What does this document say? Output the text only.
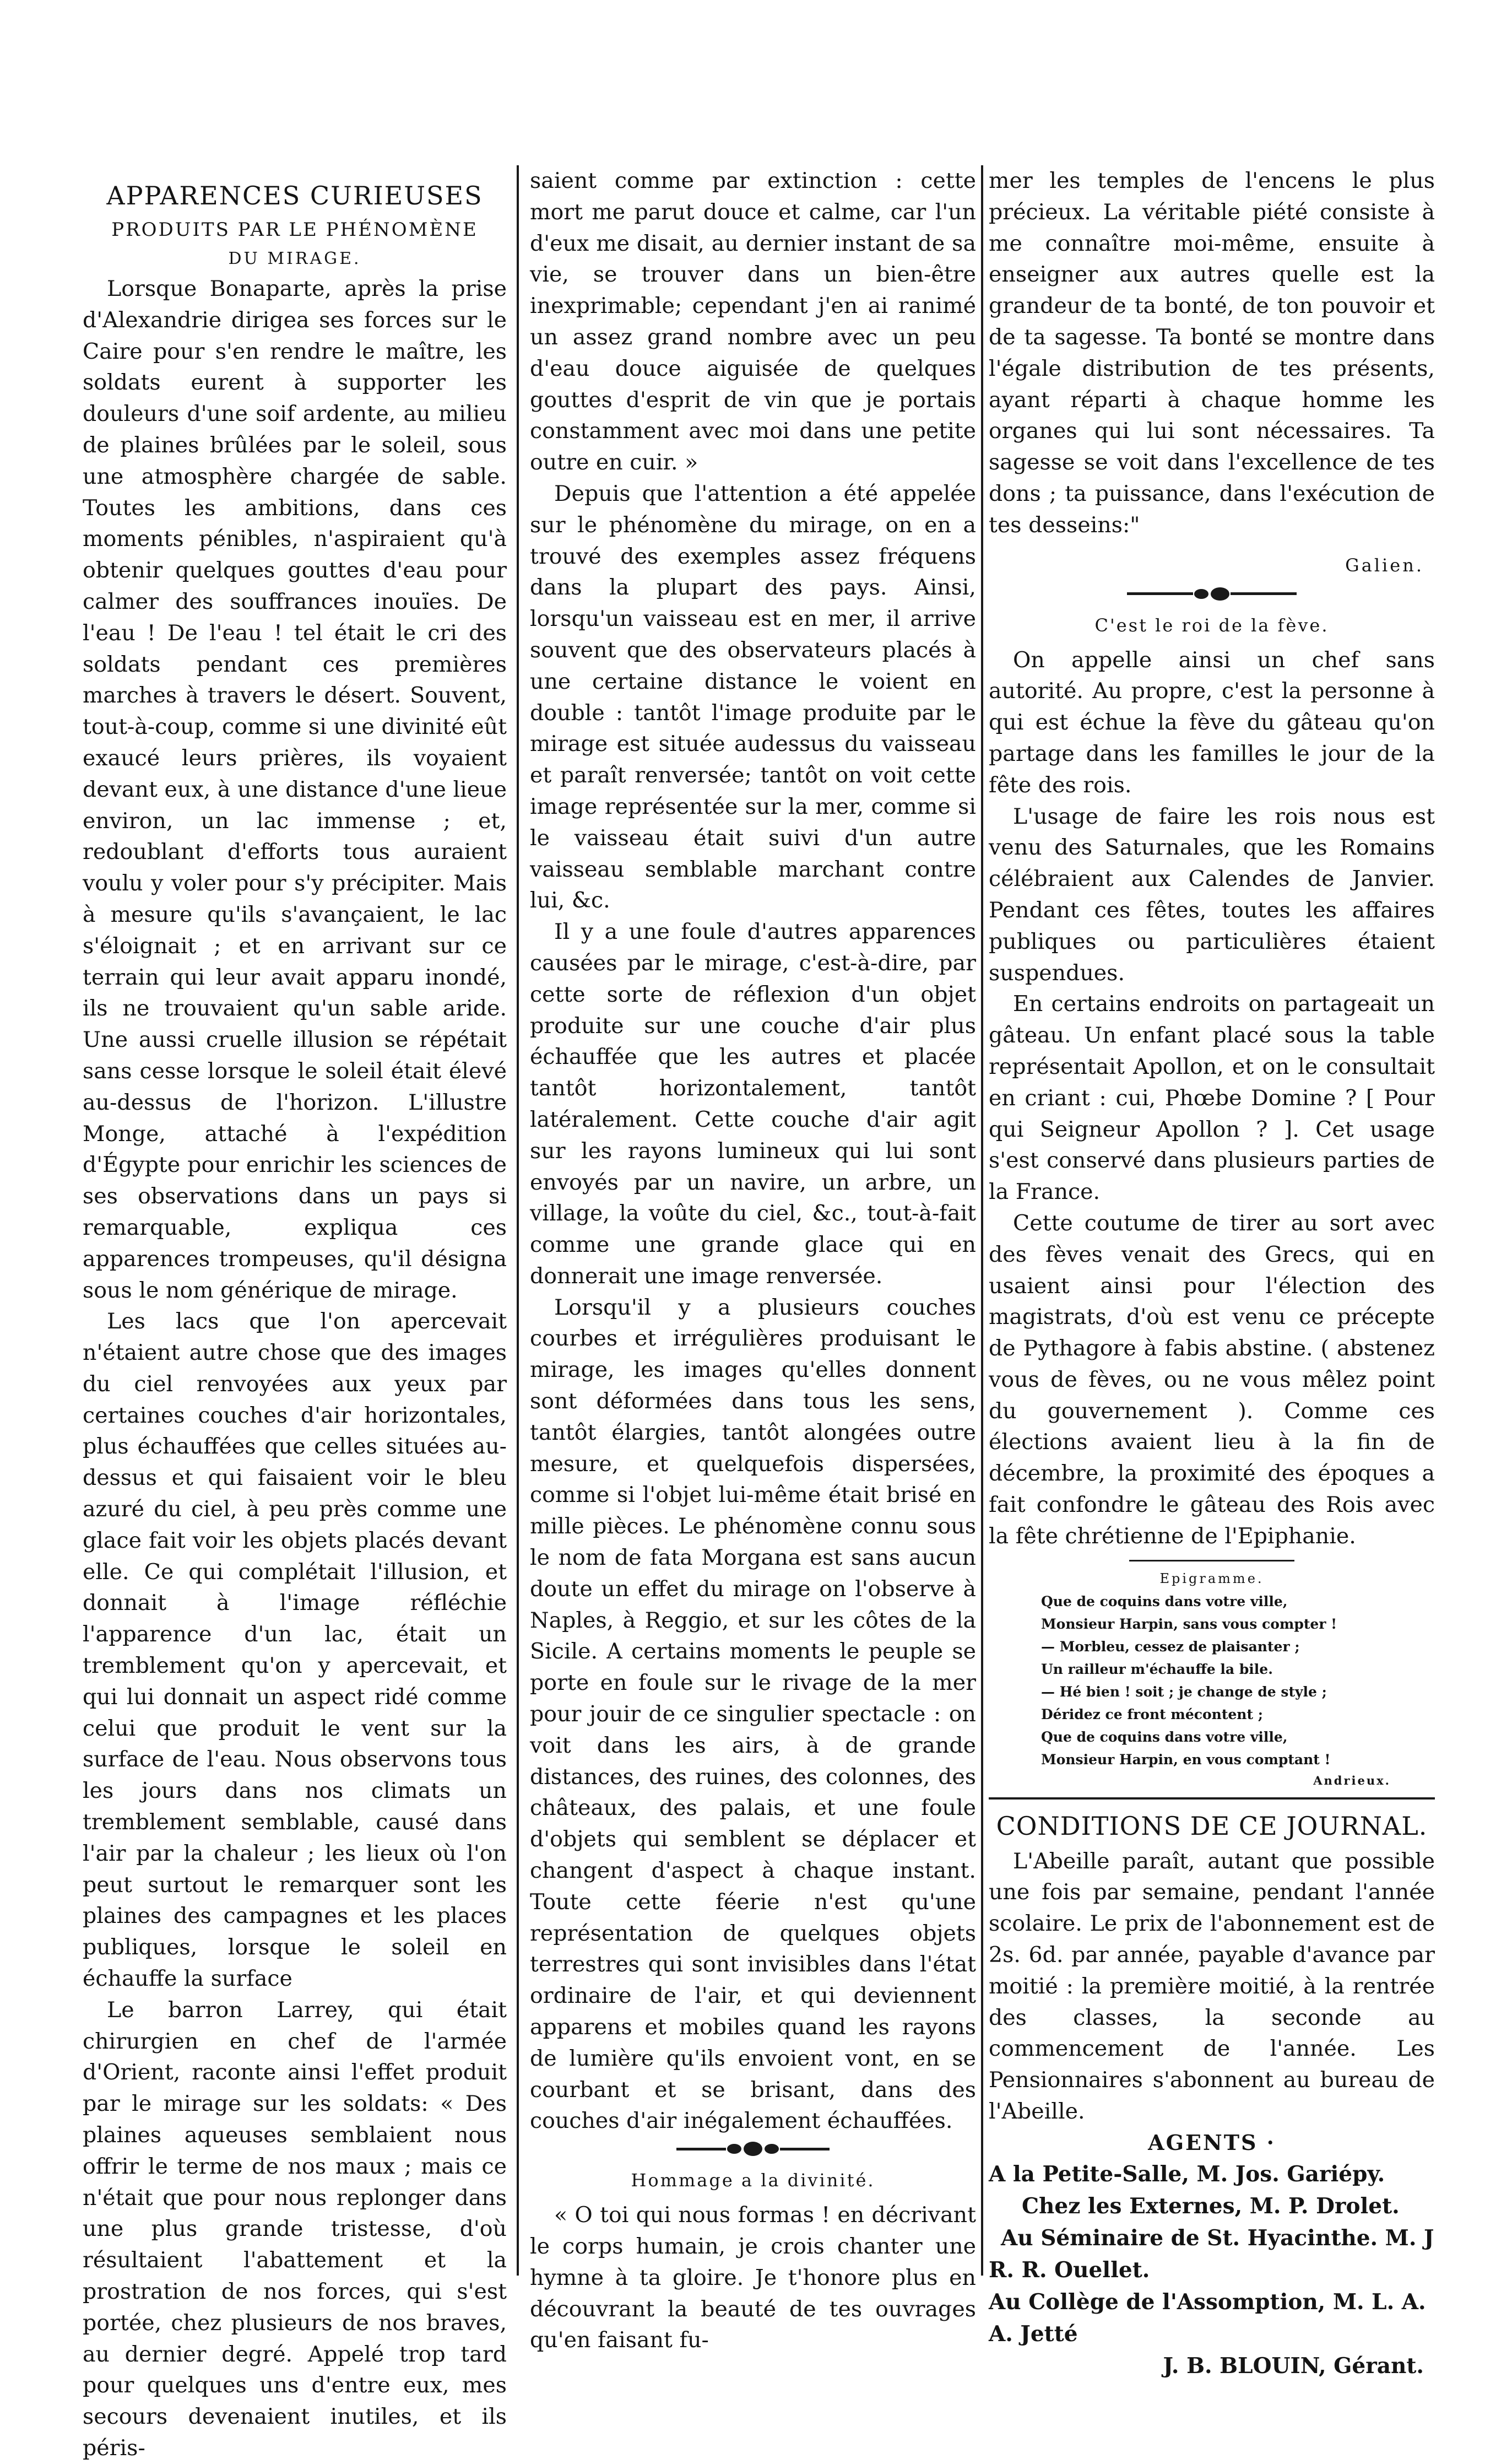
APPARENCES CURIEUSES
PRODUITS PAR LE PHÉNOMÈNE
DU MIRAGE.

Lorsque Bonaparte, après la prise d'Alexandrie dirigea ses forces sur le Caire pour s'en rendre le maître, les soldats eurent à supporter les douleurs d'une soif ardente, au milieu de plaines brûlées par le soleil, sous une atmosphère chargée de sable. Toutes les ambitions, dans ces moments pénibles, n'aspiraient qu'à obtenir quelques gouttes d'eau pour calmer des souffrances inouïes. De l'eau ! De l'eau ! tel était le cri des soldats pendant ces premières marches à travers le désert. Souvent, tout-à-coup, comme si une divinité eût exaucé leurs prières, ils voyaient devant eux, à une distance d'une lieue environ, un lac immense ; et, redoublant d'efforts tous auraient voulu y voler pour s'y précipiter. Mais à mesure qu'ils s'avançaient, le lac s'éloignait ; et en arrivant sur ce terrain qui leur avait apparu inondé, ils ne trouvaient qu'un sable aride. Une aussi cruelle illusion se répétait sans cesse lorsque le soleil était élevé au-dessus de l'horizon. L'illustre Monge, attaché à l'expédition d'Égypte pour enrichir les sciences de ses observations dans un pays si remarquable, expliqua ces apparences trompeuses, qu'il désigna sous le nom générique de mirage.

Les lacs que l'on apercevait n'étaient autre chose que des images du ciel renvoyées aux yeux par certaines couches d'air horizontales, plus échauffées que celles situées au-dessus et qui faisaient voir le bleu azuré du ciel, à peu près comme une glace fait voir les objets placés devant elle. Ce qui complétait l'illusion, et donnait à l'image réfléchie l'apparence d'un lac, était un tremblement qu'on y apercevait, et qui lui donnait un aspect ridé comme celui que produit le vent sur la surface de l'eau. Nous observons tous les jours dans nos climats un tremblement semblable, causé dans l'air par la chaleur ; les lieux où l'on peut surtout le remarquer sont les plaines des campagnes et les places publiques, lorsque le soleil en échauffe la surface

Le barron Larrey, qui était chirurgien en chef de l'armée d'Orient, raconte ainsi l'effet produit par le mirage sur les soldats: « Des plaines aqueuses semblaient nous offrir le terme de nos maux ; mais ce n'était que pour nous replonger dans une plus grande tristesse, d'où résultaient l'abattement et la prostration de nos forces, qui s'est portée, chez plusieurs de nos braves, au dernier degré. Appelé trop tard pour quelques uns d'entre eux, mes secours devenaient inutiles, et ils péris-

saient comme par extinction : cette mort me parut douce et calme, car l'un d'eux me disait, au dernier instant de sa vie, se trouver dans un bien-être inexprimable; cependant j'en ai ranimé un assez grand nombre avec un peu d'eau douce aiguisée de quelques gouttes d'esprit de vin que je portais constamment avec moi dans une petite outre en cuir. »

Depuis que l'attention a été appelée sur le phénomène du mirage, on en a trouvé des exemples assez fréquens dans la plupart des pays. Ainsi, lorsqu'un vaisseau est en mer, il arrive souvent que des observateurs placés à une certaine distance le voient en double : tantôt l'image produite par le mirage est située audessus du vaisseau et paraît renversée; tantôt on voit cette image représentée sur la mer, comme si le vaisseau était suivi d'un autre vaisseau semblable marchant contre lui, &c.

Il y a une foule d'autres apparences causées par le mirage, c'est-à-dire, par cette sorte de réflexion d'un objet produite sur une couche d'air plus échauffée que les autres et placée tantôt horizontalement, tantôt latéralement. Cette couche d'air agit sur les rayons lumineux qui lui sont envoyés par un navire, un arbre, un village, la voûte du ciel, &c., tout-à-fait comme une grande glace qui en donnerait une image renversée.

Lorsqu'il y a plusieurs couches courbes et irrégulières produisant le mirage, les images qu'elles donnent sont déformées dans tous les sens, tantôt élargies, tantôt alongées outre mesure, et quelquefois dispersées, comme si l'objet lui-même était brisé en mille pièces. Le phénomène connu sous le nom de fata Morgana est sans aucun doute un effet du mirage on l'observe à Naples, à Reggio, et sur les côtes de la Sicile. A certains moments le peuple se porte en foule sur le rivage de la mer pour jouir de ce singulier spectacle : on voit dans les airs, à de grande distances, des ruines, des colonnes, des châteaux, des palais, et une foule d'objets qui semblent se déplacer et changent d'aspect à chaque instant. Toute cette féerie n'est qu'une représentation de quelques objets terrestres qui sont invisibles dans l'état ordinaire de l'air, et qui deviennent apparens et mobiles quand les rayons de lumière qu'ils envoient vont, en se courbant et se brisant, dans des couches d'air inégalement échauffées.

Hommage a la divinité.

« O toi qui nous formas ! en décrivant le corps humain, je crois chanter une hymne à ta gloire. Je t'honore plus en découvrant la beauté de tes ouvrages qu'en faisant fu-

mer les temples de l'encens le plus précieux. La véritable piété consiste à me connaître moi-même, ensuite à enseigner aux autres quelle est la grandeur de ta bonté, de ton pouvoir et de ta sagesse. Ta bonté se montre dans l'égale distribution de tes présents, ayant réparti à chaque homme les organes qui lui sont nécessaires. Ta sagesse se voit dans l'excellence de tes dons ; ta puissance, dans l'exécution de tes desseins:"

Galien.
C'est le roi de la fève.

On appelle ainsi un chef sans autorité. Au propre, c'est la personne à qui est échue la fève du gâteau qu'on partage dans les familles le jour de la fête des rois.

L'usage de faire les rois nous est venu des Saturnales, que les Romains célébraient aux Calendes de Janvier. Pendant ces fêtes, toutes les affaires publiques ou particulières étaient suspendues.

En certains endroits on partageait un gâteau. Un enfant placé sous la table représentait Apollon, et on le consultait en criant : cui, Phœbe Domine ? [ Pour qui Seigneur Apollon ? ]. Cet usage s'est conservé dans plusieurs parties de la France.

Cette coutume de tirer au sort avec des fèves venait des Grecs, qui en usaient ainsi pour l'élection des magistrats, d'où est venu ce précepte de Pythagore à fabis abstine. ( abstenez vous de fèves, ou ne vous mêlez point du gouvernement ). Comme ces élections avaient lieu à la fin de décembre, la proximité des époques a fait confondre le gâteau des Rois avec la fête chrétienne de l'Epiphanie.

Epigramme.
Que de coquins dans votre ville,
Monsieur Harpin, sans vous compter !
— Morbleu, cessez de plaisanter ;
Un railleur m'échauffe la bile.
— Hé bien ! soit ; je change de style ;
Déridez ce front mécontent ;
Que de coquins dans votre ville,
Monsieur Harpin, en vous comptant !
Andrieux.
CONDITIONS DE CE JOURNAL.

L'Abeille paraît, autant que possible une fois par semaine, pendant l'année scolaire. Le prix de l'abonnement est de 2s. 6d. par année, payable d'avance par moitié : la première moitié, à la rentrée des classes, la seconde au commencement de l'année. Les Pensionnaires s'abonnent au bureau de l'Abeille.

AGENTS ·
A la Petite-Salle, M. Jos. Gariépy.
Chez les Externes, M. P. Drolet.
Au Séminaire de St. Hyacinthe. M. J
R. R. Ouellet.
Au Collège de l'Assomption, M. L. A. A. Jetté
J. B. BLOUIN, Gérant.
